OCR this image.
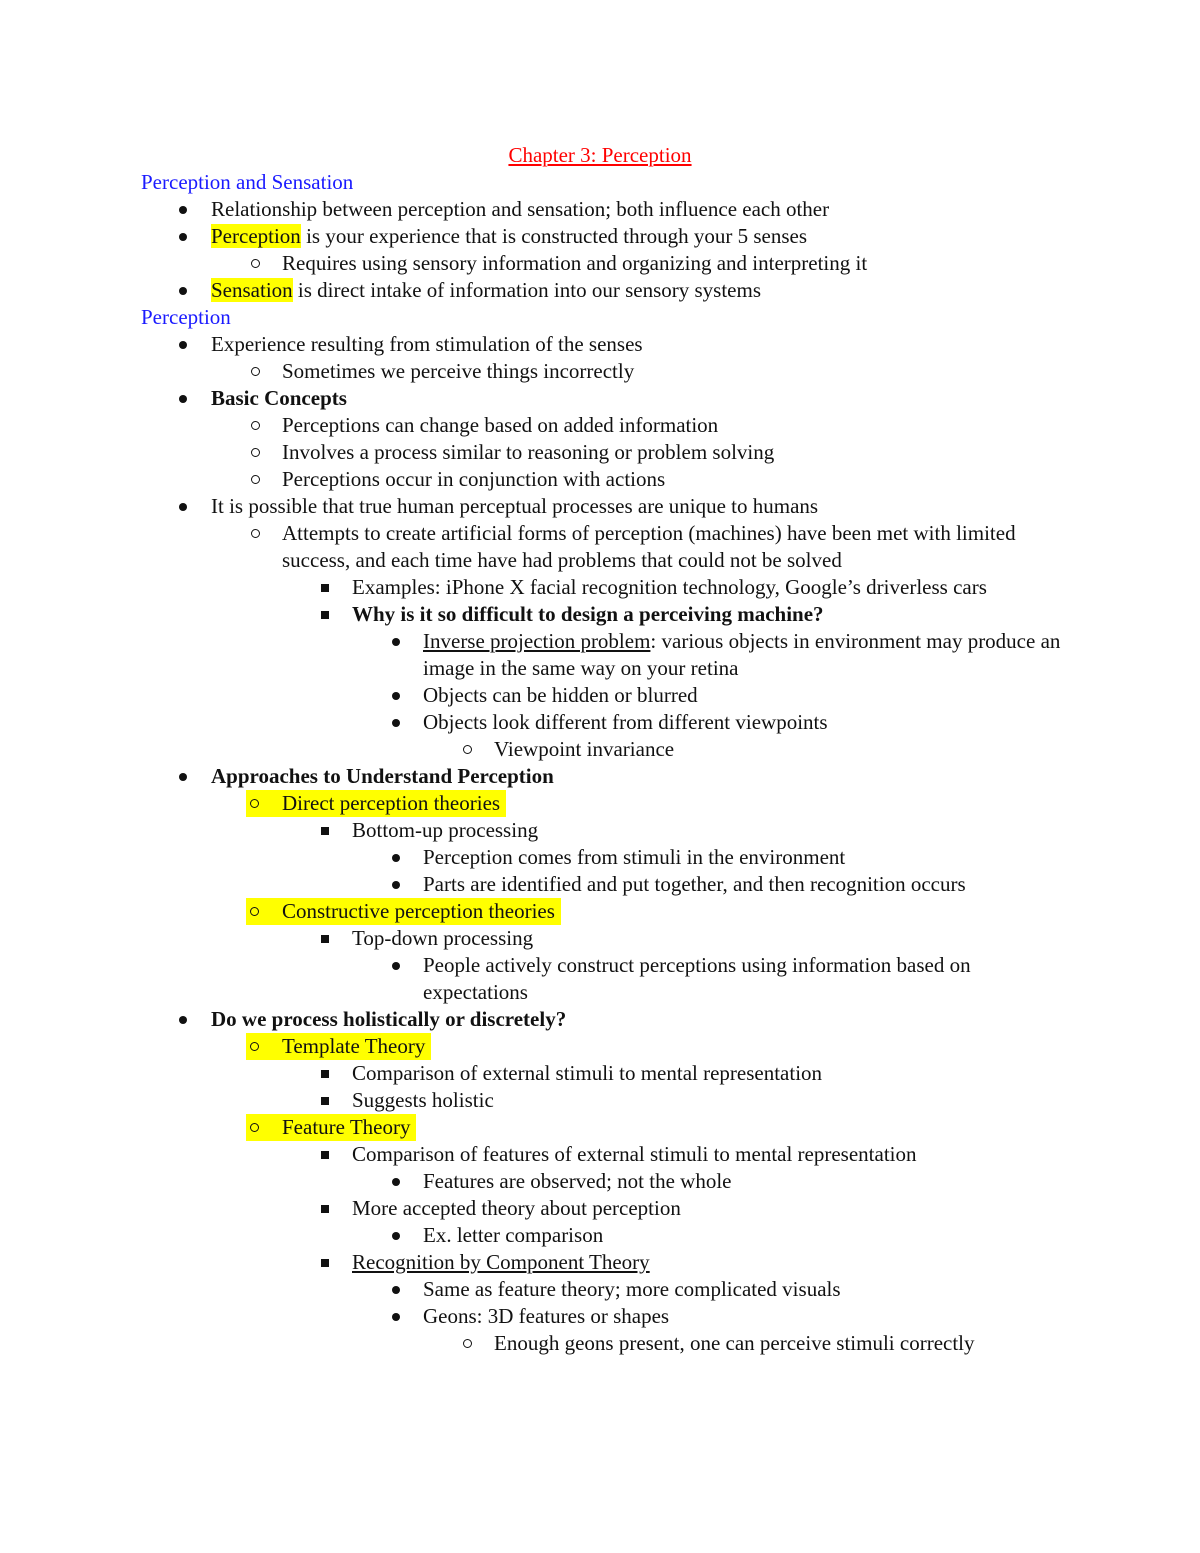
Chapter 3: Perception
Perception and Sensation
Relationship between perception and sensation; both influence each other
Perception is your experience that is constructed through your 5 senses
Requires using sensory information and organizing and interpreting it
Sensation is direct intake of information into our sensory systems
Perception
Experience resulting from stimulation of the senses
Sometimes we perceive things incorrectly
Basic Concepts
Perceptions can change based on added information
Involves a process similar to reasoning or problem solving
Perceptions occur in conjunction with actions
It is possible that true human perceptual processes are unique to humans
Attempts to create artificial forms of perception (machines) have been met with limited success, and each time have had problems that could not be solved
Examples: iPhone X facial recognition technology, Google’s driverless cars
Why is it so difficult to design a perceiving machine?
Inverse projection problem: various objects in environment may produce an image in the same way on your retina
Objects can be hidden or blurred
Objects look different from different viewpoints
Viewpoint invariance
Approaches to Understand Perception
Direct perception theories
Bottom-up processing
Perception comes from stimuli in the environment
Parts are identified and put together, and then recognition occurs
Constructive perception theories
Top-down processing
People actively construct perceptions using information based on expectations
Do we process holistically or discretely?
Template Theory
Comparison of external stimuli to mental representation
Suggests holistic
Feature Theory
Comparison of features of external stimuli to mental representation
Features are observed; not the whole
More accepted theory about perception
Ex. letter comparison
Recognition by Component Theory
Same as feature theory; more complicated visuals
Geons: 3D features or shapes
Enough geons present, one can perceive stimuli correctly
